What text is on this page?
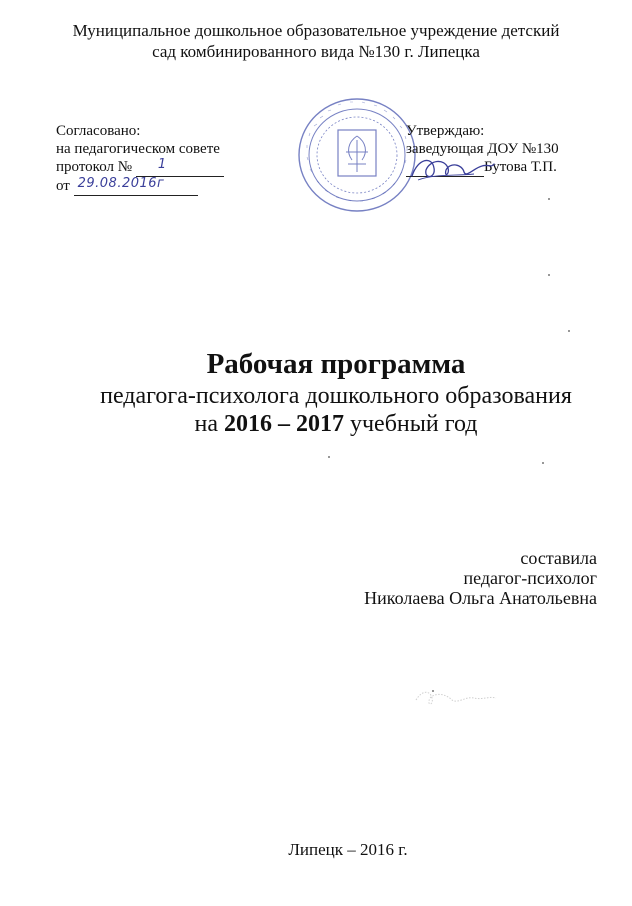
Муниципальное дошкольное образовательное учреждение детский
сад комбинированного вида №130 г. Липецка
Согласовано:
на педагогическом совете
протокол № 1

от 29.08.2016г

Утверждаю:
заведующая ДОУ №130
Бутова Т.П.
Рабочая программа
педагога-психолога дошкольного образования
на 2016 – 2017 учебный год
составила
педагог-психолог
Николаева Ольга Анатольевна
Липецк – 2016 г.
